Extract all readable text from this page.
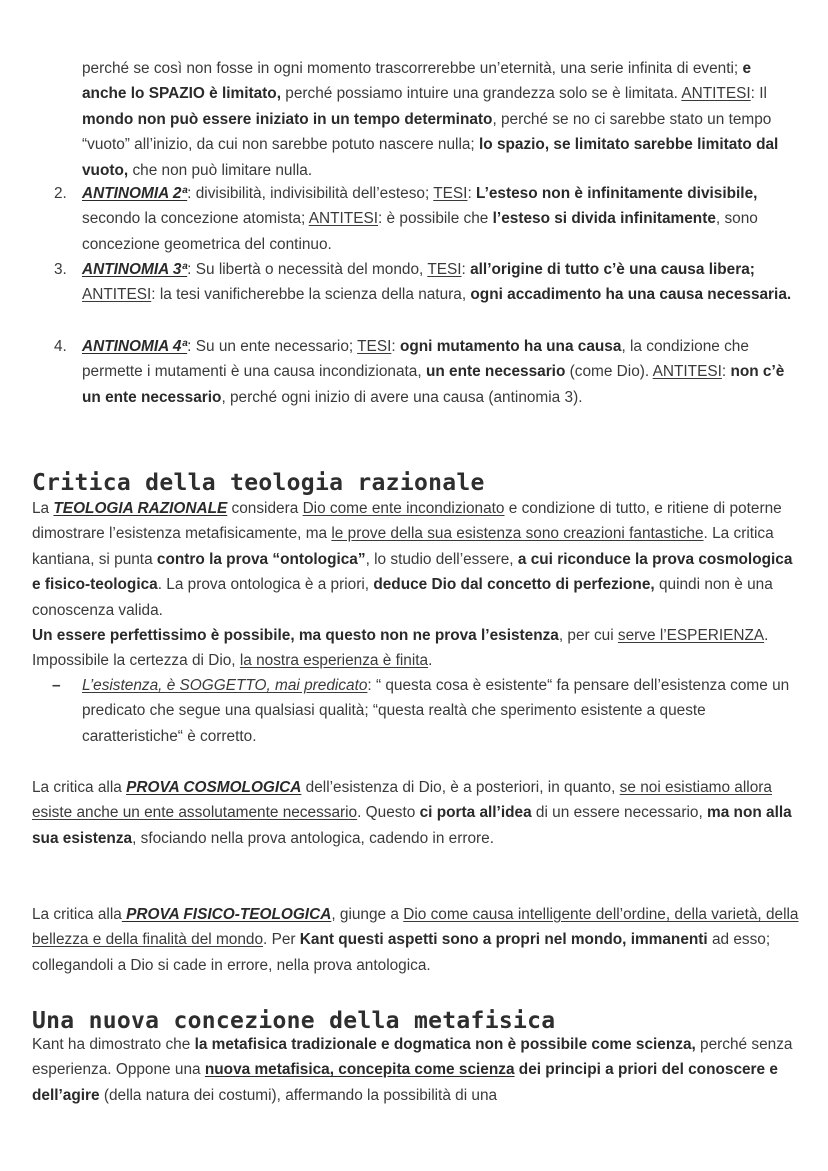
perché se così non fosse in ogni momento trascorrerebbe un’eternità, una serie infinita di eventi; e anche lo SPAZIO è limitato, perché possiamo intuire una grandezza solo se è limitata. ANTITESI: Il mondo non può essere iniziato in un tempo determinato, perché se no ci sarebbe stato un tempo “vuoto” all’inizio, da cui non sarebbe potuto nascere nulla; lo spazio, se limitato sarebbe limitato dal vuoto, che non può limitare nulla.

2. ANTINOMIA 2ª: divisibilità, indivisibilità dell’esteso; TESI: L’esteso non è infinitamente divisibile, secondo la concezione atomista; ANTITESI: è possibile che l’esteso si divida infinitamente, sono concezione geometrica del continuo.

3. ANTINOMIA 3ª: Su libertà o necessità del mondo, TESI: all’origine di tutto c’è una causa libera; ANTITESI: la tesi vanificherebbe la scienza della natura, ogni accadimento ha una causa necessaria.

4. ANTINOMIA 4ª: Su un ente necessario; TESI: ogni mutamento ha una causa, la condizione che permette i mutamenti è una causa incondizionata, un ente necessario (come Dio). ANTITESI: non c’è un ente necessario, perché ogni inizio di avere una causa (antinomia 3).

Critica della teologia razionale

La TEOLOGIA RAZIONALE considera Dio come ente incondizionato e condizione di tutto, e ritiene di poterne dimostrare l’esistenza metafisicamente, ma le prove della sua esistenza sono creazioni fantastiche. La critica kantiana, si punta contro la prova “ontologica”, lo studio dell’essere, a cui riconduce la prova cosmologica e fisico-teologica. La prova ontologica è a priori, deduce Dio dal concetto di perfezione, quindi non è una conoscenza valida.

Un essere perfettissimo è possibile, ma questo non ne prova l’esistenza, per cui serve l’ESPERIENZA. Impossibile la certezza di Dio, la nostra esperienza è finita.

– L’esistenza, è SOGGETTO, mai predicato: “ questa cosa è esistente“ fa pensare dell’esistenza come un predicato che segue una qualsiasi qualità; “questa realtà che sperimento esistente a queste caratteristiche“ è corretto.

La critica alla PROVA COSMOLOGICA dell’esistenza di Dio, è a posteriori, in quanto, se noi esistiamo allora esiste anche un ente assolutamente necessario. Questo ci porta all’idea di un essere necessario, ma non alla sua esistenza, sfociando nella prova antologica, cadendo in errore.

La critica alla PROVA FISICO-TEOLOGICA, giunge a Dio come causa intelligente dell’ordine, della varietà, della bellezza e della finalità del mondo. Per Kant questi aspetti sono a propri nel mondo, immanenti ad esso; collegandoli a Dio si cade in errore, nella prova antologica.

Una nuova concezione della metafisica

Kant ha dimostrato che la metafisica tradizionale e dogmatica non è possibile come scienza, perché senza esperienza. Oppone una nuova metafisica, concepita come scienza dei principi a priori del conoscere e dell’agire (della natura dei costumi), affermando la possibilità di una
